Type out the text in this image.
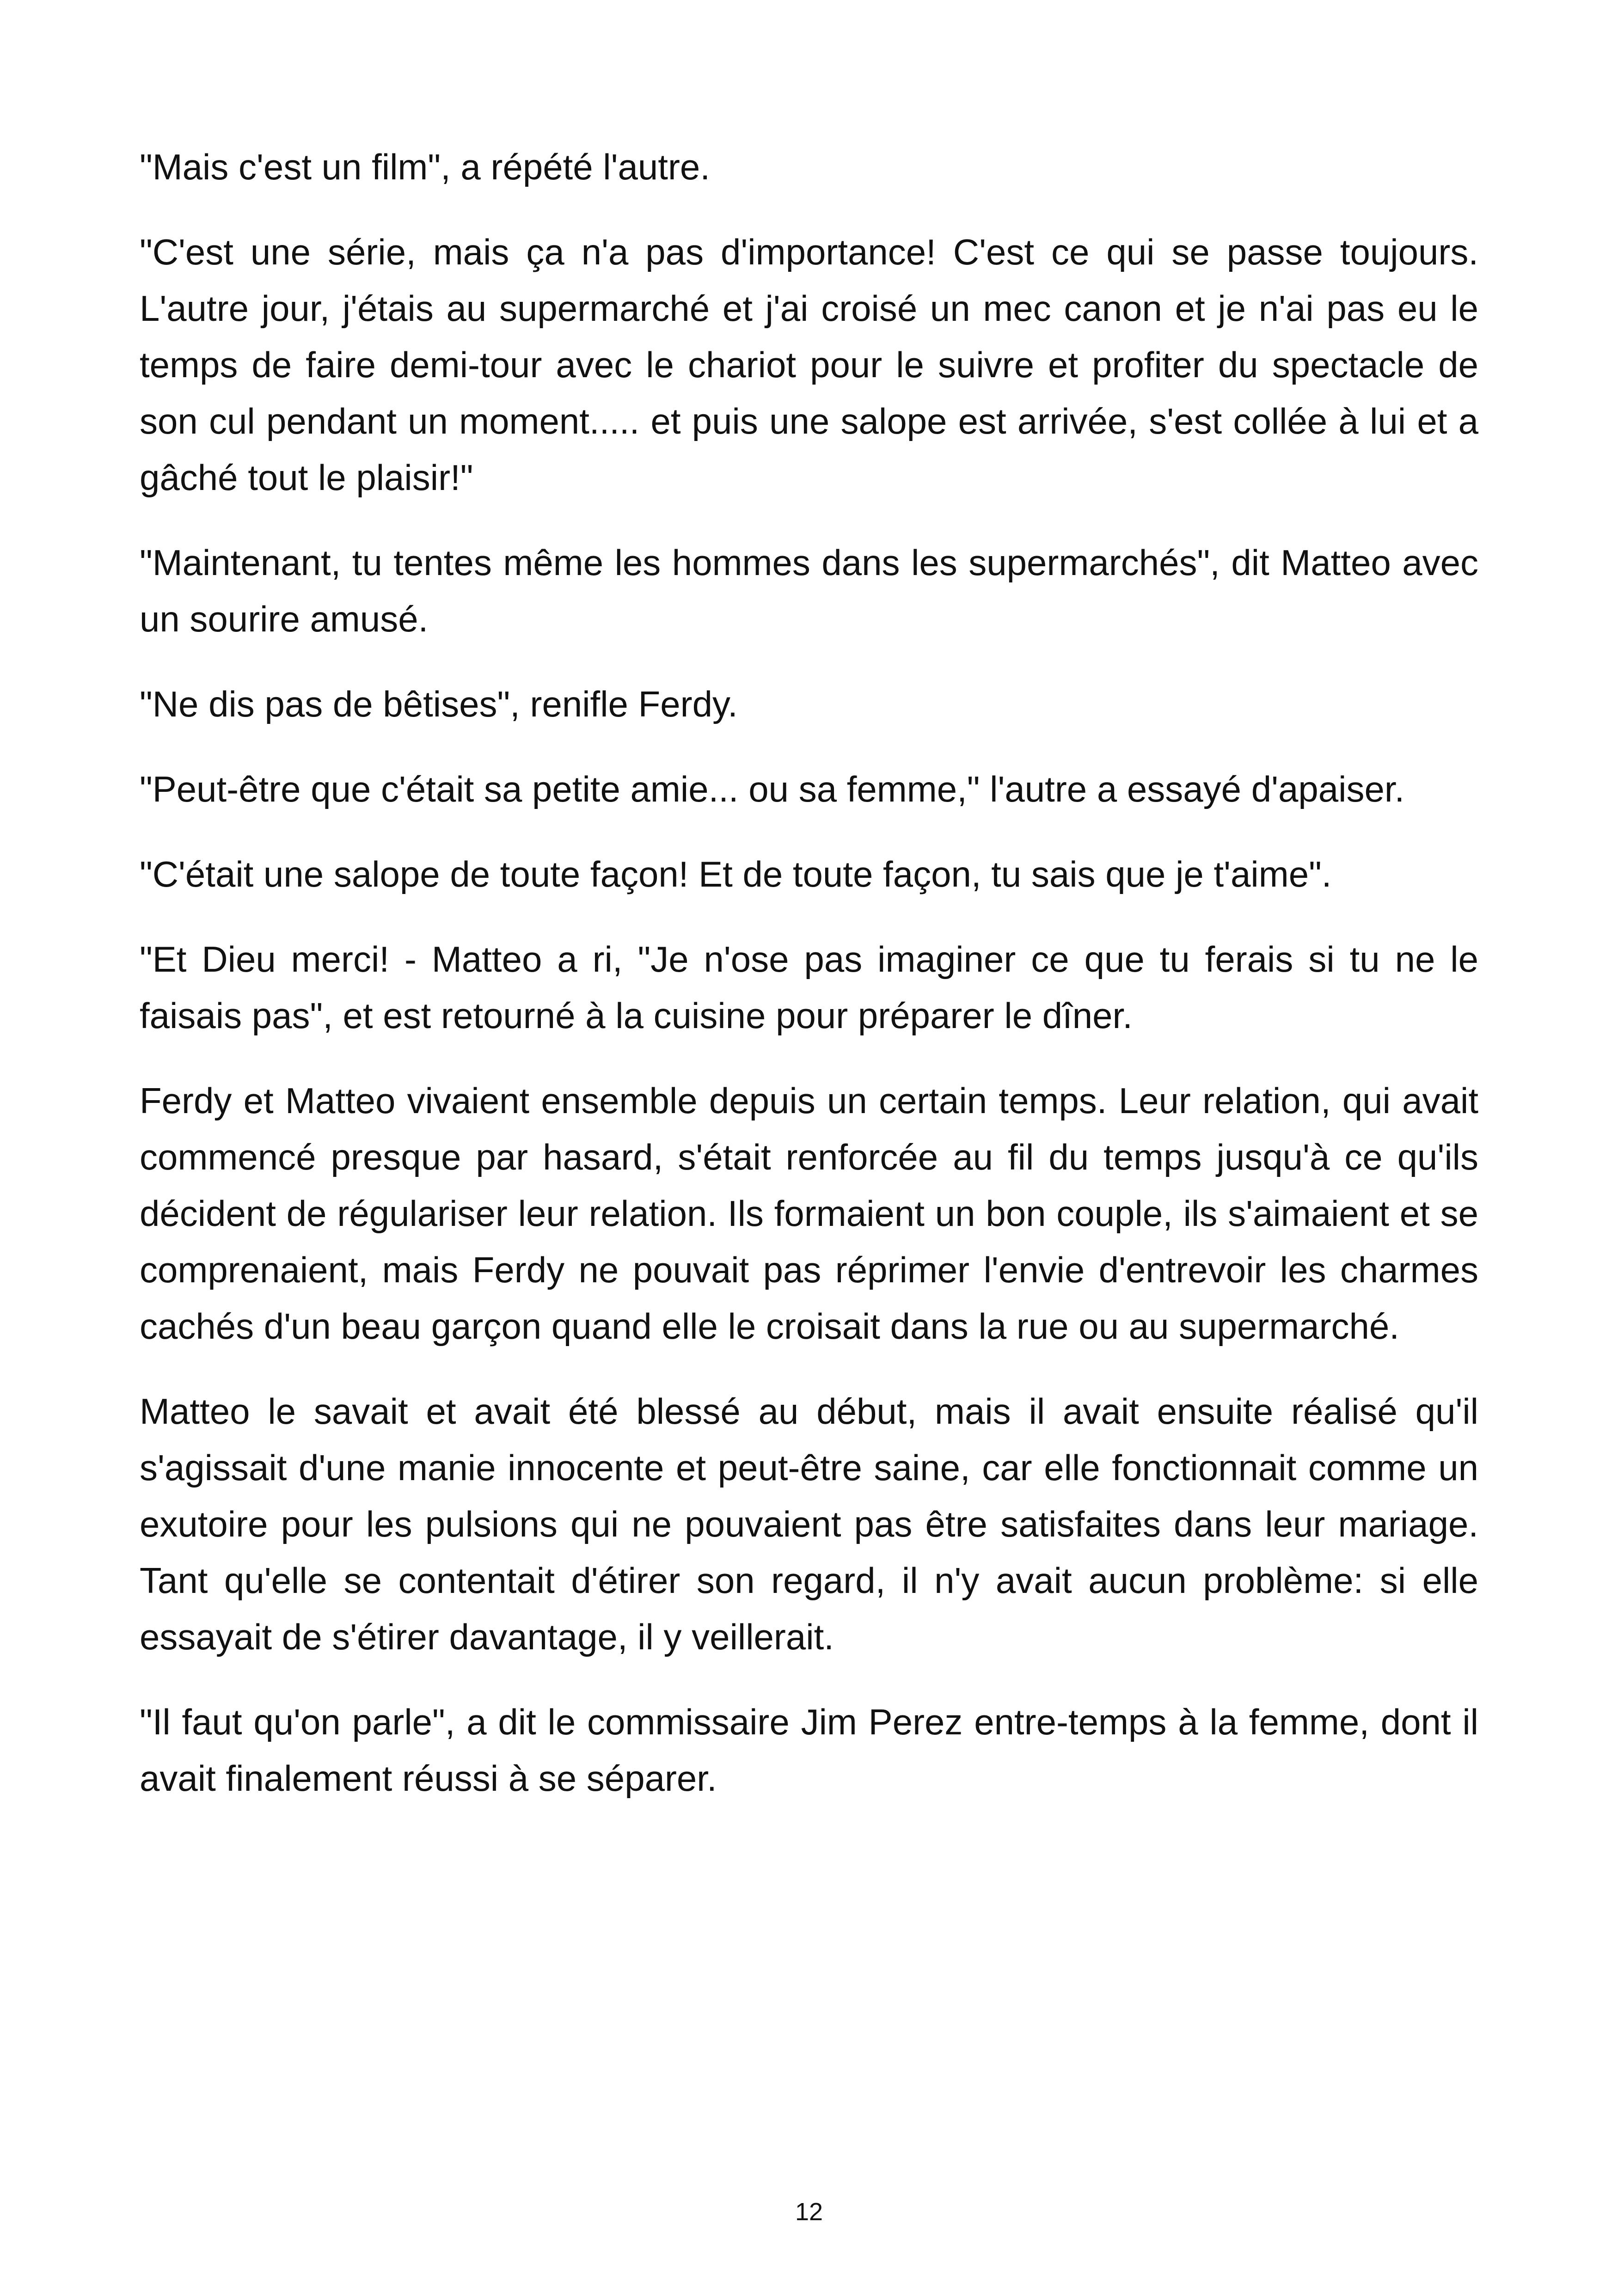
"Mais c'est un film", a répété l'autre.

"C'est une série, mais ça n'a pas d'importance! C'est ce qui se passe toujours. L'autre jour, j'étais au supermarché et j'ai croisé un mec canon et je n'ai pas eu le temps de faire demi-tour avec le chariot pour le suivre et profiter du spectacle de son cul pendant un moment..... et puis une salope est arrivée, s'est collée à lui et a gâché tout le plaisir!"

"Maintenant, tu tentes même les hommes dans les supermarchés", dit Matteo avec un sourire amusé.

"Ne dis pas de bêtises", renifle Ferdy.

"Peut-être que c'était sa petite amie... ou sa femme," l'autre a essayé d'apaiser.

"C'était une salope de toute façon! Et de toute façon, tu sais que je t'aime".

"Et Dieu merci! - Matteo a ri, "Je n'ose pas imaginer ce que tu ferais si tu ne le faisais pas", et est retourné à la cuisine pour préparer le dîner.

Ferdy et Matteo vivaient ensemble depuis un certain temps. Leur relation, qui avait commencé presque par hasard, s'était renforcée au fil du temps jusqu'à ce qu'ils décident de régulariser leur relation. Ils formaient un bon couple, ils s'aimaient et se comprenaient, mais Ferdy ne pouvait pas réprimer l'envie d'entrevoir les charmes cachés d'un beau garçon quand elle le croisait dans la rue ou au supermarché.

Matteo le savait et avait été blessé au début, mais il avait ensuite réalisé qu'il s'agissait d'une manie innocente et peut-être saine, car elle fonctionnait comme un exutoire pour les pulsions qui ne pouvaient pas être satisfaites dans leur mariage. Tant qu'elle se contentait d'étirer son regard, il n'y avait aucun problème: si elle essayait de s'étirer davantage, il y veillerait.

"Il faut qu'on parle", a dit le commissaire Jim Perez entre-temps à la femme, dont il avait finalement réussi à se séparer.

12
